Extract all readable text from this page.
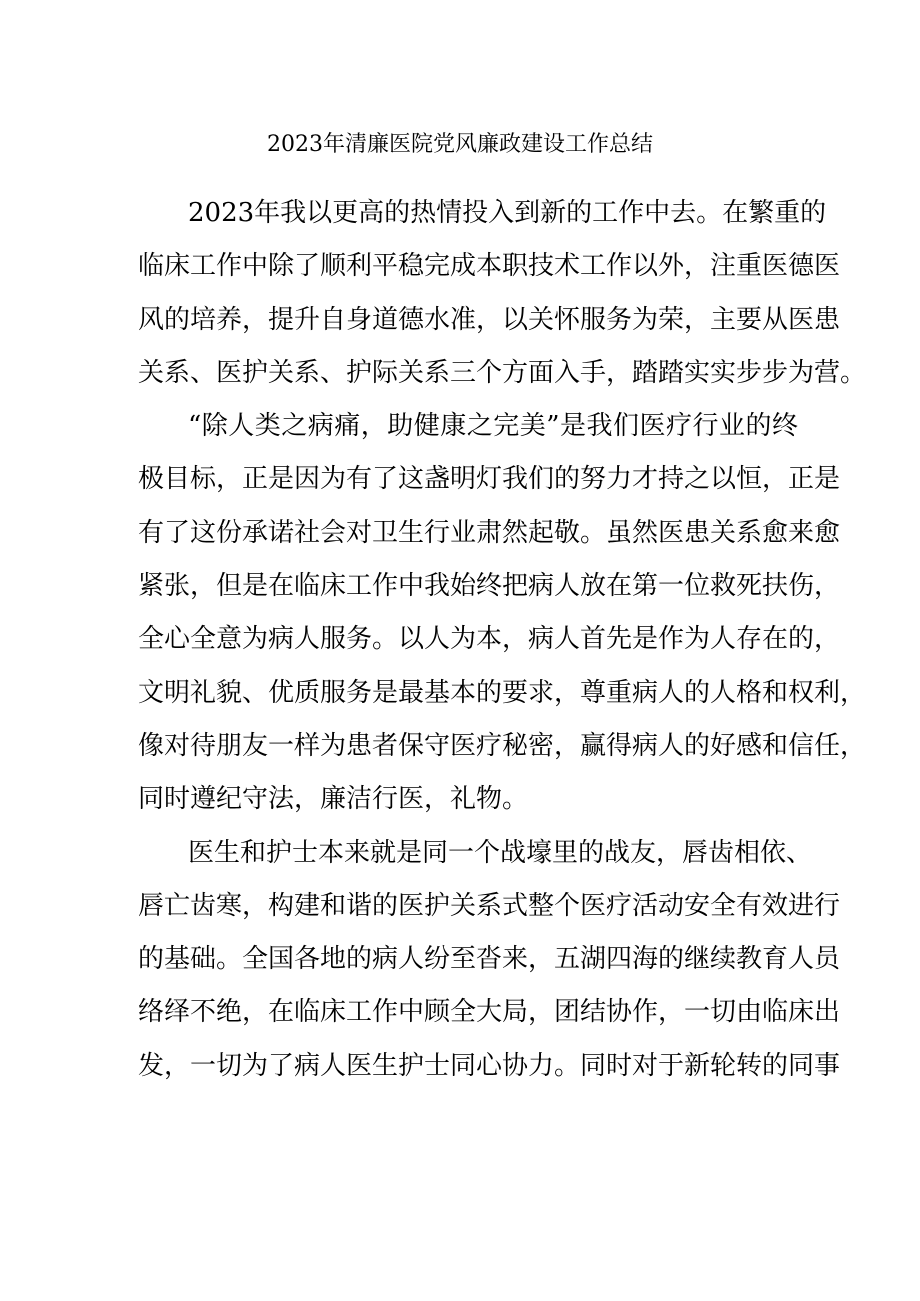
2023年清廉医院党风廉政建设工作总结
2023年我以更高的热情投入到新的工作中去。在繁重的
临床工作中除了顺利平稳完成本职技术工作以外，注重医德医
风的培养，提升自身道德水准，以关怀服务为荣，主要从医患
关系、医护关系、护际关系三个方面入手，踏踏实实步步为营。
“除人类之病痛，助健康之完美”是我们医疗行业的终
极目标，正是因为有了这盏明灯我们的努力才持之以恒，正是
有了这份承诺社会对卫生行业肃然起敬。虽然医患关系愈来愈
紧张，但是在临床工作中我始终把病人放在第一位救死扶伤，
全心全意为病人服务。以人为本，病人首先是作为人存在的，
文明礼貌、优质服务是最基本的要求，尊重病人的人格和权利，
像对待朋友一样为患者保守医疗秘密，赢得病人的好感和信任，
同时遵纪守法，廉洁行医，礼物。
医生和护士本来就是同一个战壕里的战友，唇齿相依、
唇亡齿寒，构建和谐的医护关系式整个医疗活动安全有效进行
的基础。全国各地的病人纷至沓来，五湖四海的继续教育人员
络绎不绝，在临床工作中顾全大局，团结协作，一切由临床出
发，一切为了病人医生护士同心协力。同时对于新轮转的同事
